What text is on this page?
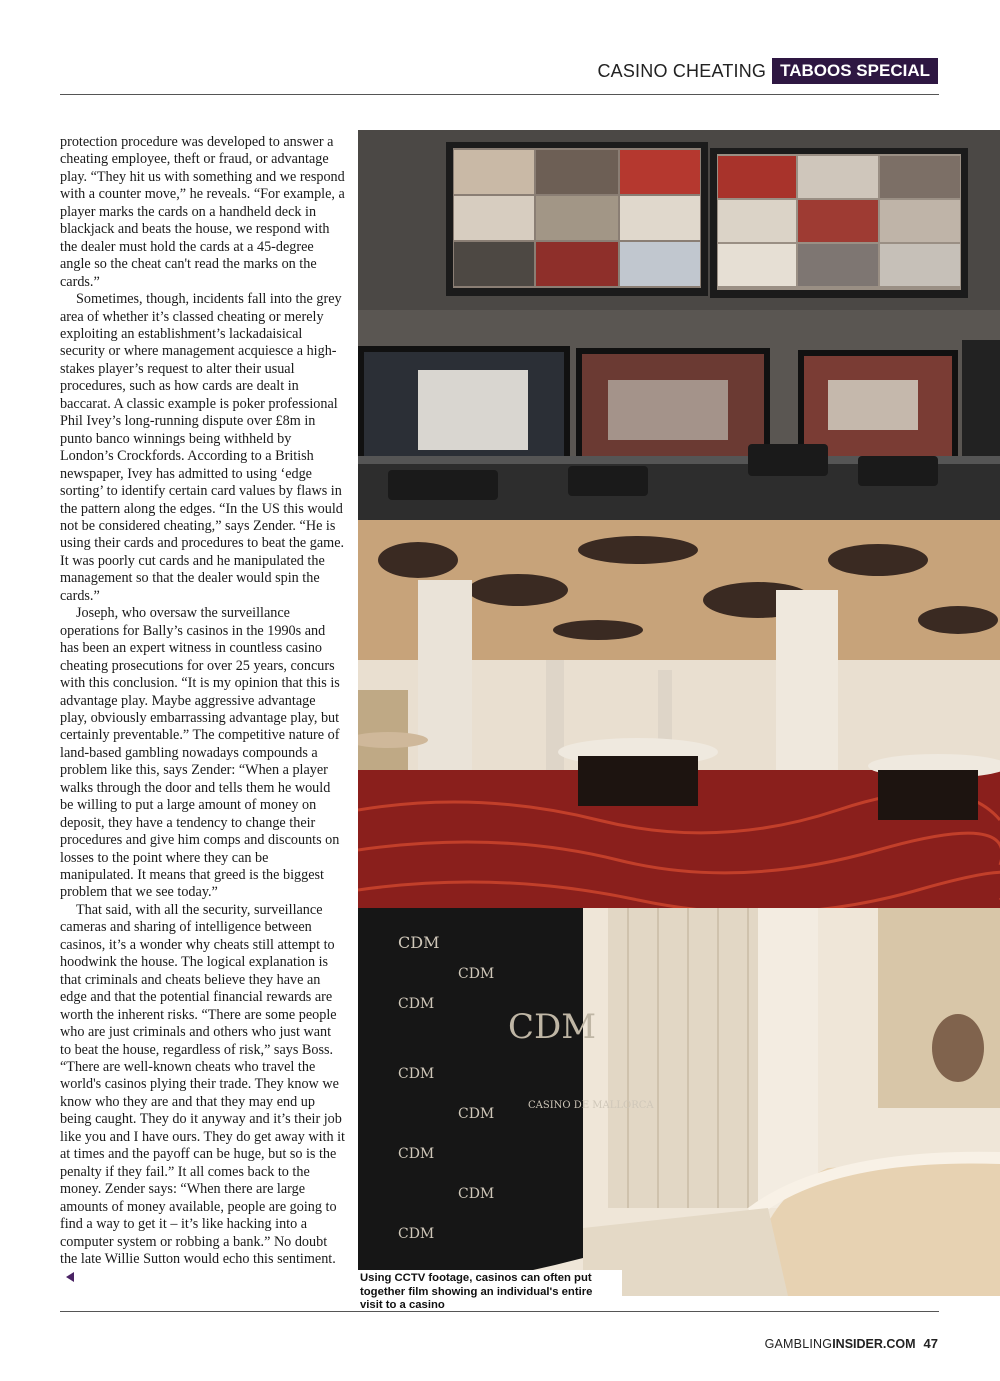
CASINO CHEATING TABOOS SPECIAL

protection procedure was developed to answer a cheating employee, theft or fraud, or advantage play. “They hit us with something and we respond with a counter move,” he reveals. “For example, a player marks the cards on a handheld deck in blackjack and beats the house, we respond with the dealer must hold the cards at a 45-degree angle so the cheat can't read the marks on the cards.”

Sometimes, though, incidents fall into the grey area of whether it’s classed cheating or merely exploiting an establishment’s lackadaisical security or where management acquiesce a high-stakes player’s request to alter their usual procedures, such as how cards are dealt in baccarat. A classic example is poker professional Phil Ivey’s long-running dispute over £8m in punto banco winnings being withheld by London’s Crockfords. According to a British newspaper, Ivey has admitted to using ‘edge sorting’ to identify certain card values by flaws in the pattern along the edges. “In the US this would not be considered cheating,” says Zender. “He is using their cards and procedures to beat the game. It was poorly cut cards and he manipulated the management so that the dealer would spin the cards.”

Joseph, who oversaw the surveillance operations for Bally’s casinos in the 1990s and has been an expert witness in countless casino cheating prosecutions for over 25 years, concurs with this conclusion. “It is my opinion that this is advantage play. Maybe aggressive advantage play, obviously embarrassing advantage play, but certainly preventable.” The competitive nature of land-based gambling nowadays compounds a problem like this, says Zender: “When a player walks through the door and tells them he would be willing to put a large amount of money on deposit, they have a tendency to change their procedures and give him comps and discounts on losses to the point where they can be manipulated. It means that greed is the biggest problem that we see today.”

That said, with all the security, surveillance cameras and sharing of intelligence between casinos, it’s a wonder why cheats still attempt to hoodwink the house. The logical explanation is that criminals and cheats believe they have an edge and that the potential financial rewards are worth the inherent risks. “There are some people who are just criminals and others who just want to beat the house, regardless of risk,” says Boss. “There are well-known cheats who travel the world's casinos plying their trade. They know we know who they are and that they may end up being caught. They do it anyway and it’s their job like you and I have ours. They do get away with it at times and the payoff can be huge, but so is the penalty if they fail.” It all comes back to the money. Zender says: “When there are large amounts of money available, people are going to find a way to get it – it’s like hacking into a computer system or robbing a bank.” No doubt the late Willie Sutton would echo this sentiment.

CDM
CDM
CDM
CDM
CDM
CDM
CDM
CDM
CDM
CASINO DE MALLORCA
Using CCTV footage, casinos can often put together film showing an individual's entire visit to a casino
GAMBLINGINSIDER.COM 47
